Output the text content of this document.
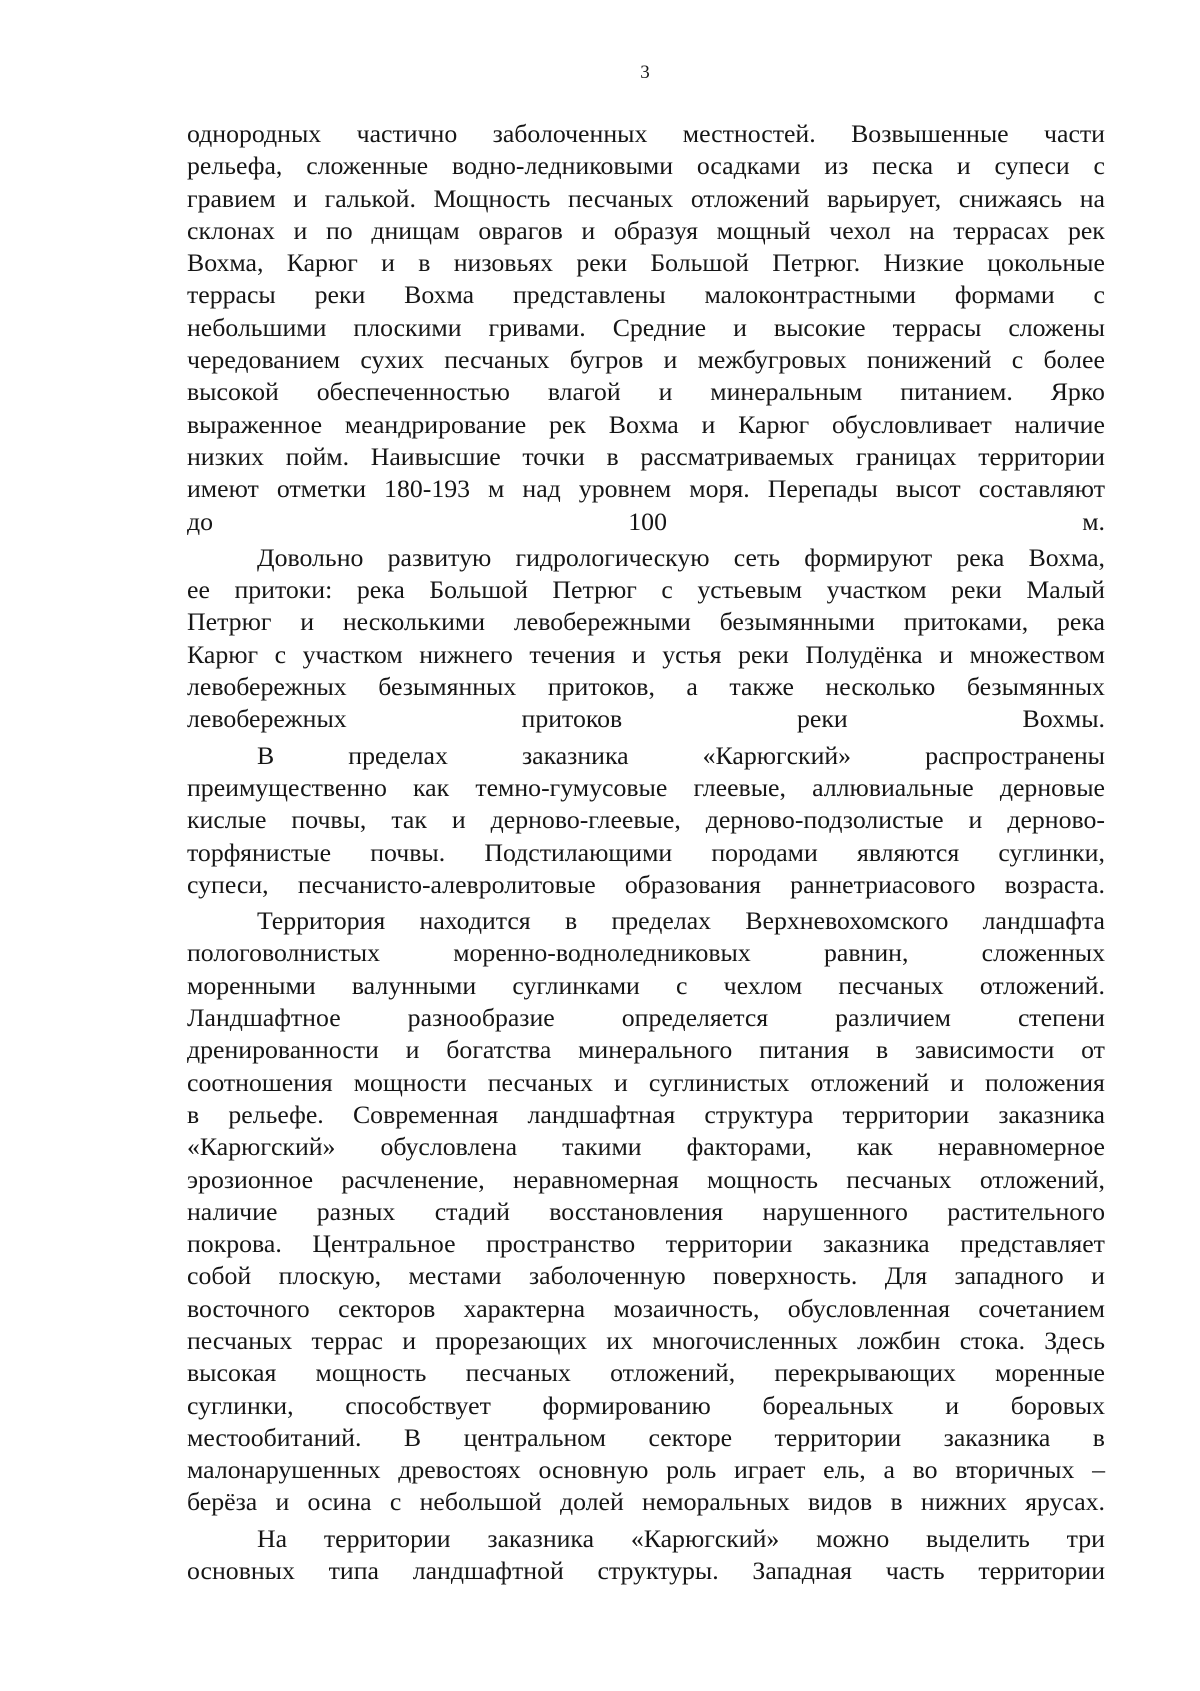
3
однородных частично заболоченных местностей. Возвышенные части
рельефа, сложенные водно-ледниковыми осадками из песка и супеси с
гравием и галькой. Мощность песчаных отложений варьирует, снижаясь на
склонах и по днищам оврагов и образуя мощный чехол на террасах рек
Вохма, Карюг и в низовьях реки Большой Петрюг. Низкие цокольные
террасы реки Вохма представлены малоконтрастными формами с
небольшими плоскими гривами. Средние и высокие террасы сложены
чередованием сухих песчаных бугров и межбугровых понижений с более
высокой обеспеченностью влагой и минеральным питанием. Ярко
выраженное меандрирование рек Вохма и Карюг обусловливает наличие
низких пойм. Наивысшие точки в рассматриваемых границах территории
имеют отметки 180-193 м над уровнем моря. Перепады высот составляют
до 100 м.
Довольно развитую гидрологическую сеть формируют река Вохма,
ее притоки: река Большой Петрюг с устьевым участком реки Малый
Петрюг и несколькими левобережными безымянными притоками, река
Карюг с участком нижнего течения и устья реки Полудёнка и множеством
левобережных безымянных притоков, а также несколько безымянных
левобережных притоков реки Вохмы.
В	пределах	заказника	«Карюгский»	распространены
преимущественно как темно-гумусовые глеевые, аллювиальные дерновые
кислые почвы, так и дерново-глеевые, дерново-подзолистые и дерново-
торфянистые почвы. Подстилающими породами являются суглинки,
супеси, песчанисто-алевролитовые образования раннетриасового возраста.
Территория находится в пределах Верхневохомского ландшафта
пологоволнистых	моренно-водноледниковых	равнин,	сложенных
моренными валунными суглинками с чехлом песчаных отложений.
Ландшафтное	разнообразие	определяется	различием	степени
дренированности и богатства минерального питания в зависимости от
соотношения мощности песчаных и суглинистых отложений и положения
в рельефе. Современная ландшафтная структура территории заказника
«Карюгский» обусловлена такими факторами, как неравномерное
эрозионное расчленение, неравномерная мощность песчаных отложений,
наличие разных стадий восстановления нарушенного растительного
покрова. Центральное пространство территории заказника представляет
собой плоскую, местами заболоченную поверхность. Для западного и
восточного секторов характерна мозаичность, обусловленная сочетанием
песчаных террас и прорезающих их многочисленных ложбин стока. Здесь
высокая мощность песчаных отложений, перекрывающих моренные
суглинки, способствует формированию бореальных и боровых
местообитаний. В центральном секторе территории заказника в
малонарушенных древостоях основную роль играет ель, а во вторичных –
берёза и осина с небольшой долей неморальных видов в нижних ярусах.
На территории заказника «Карюгский» можно выделить три
основных типа ландшафтной структуры. Западная часть территории
